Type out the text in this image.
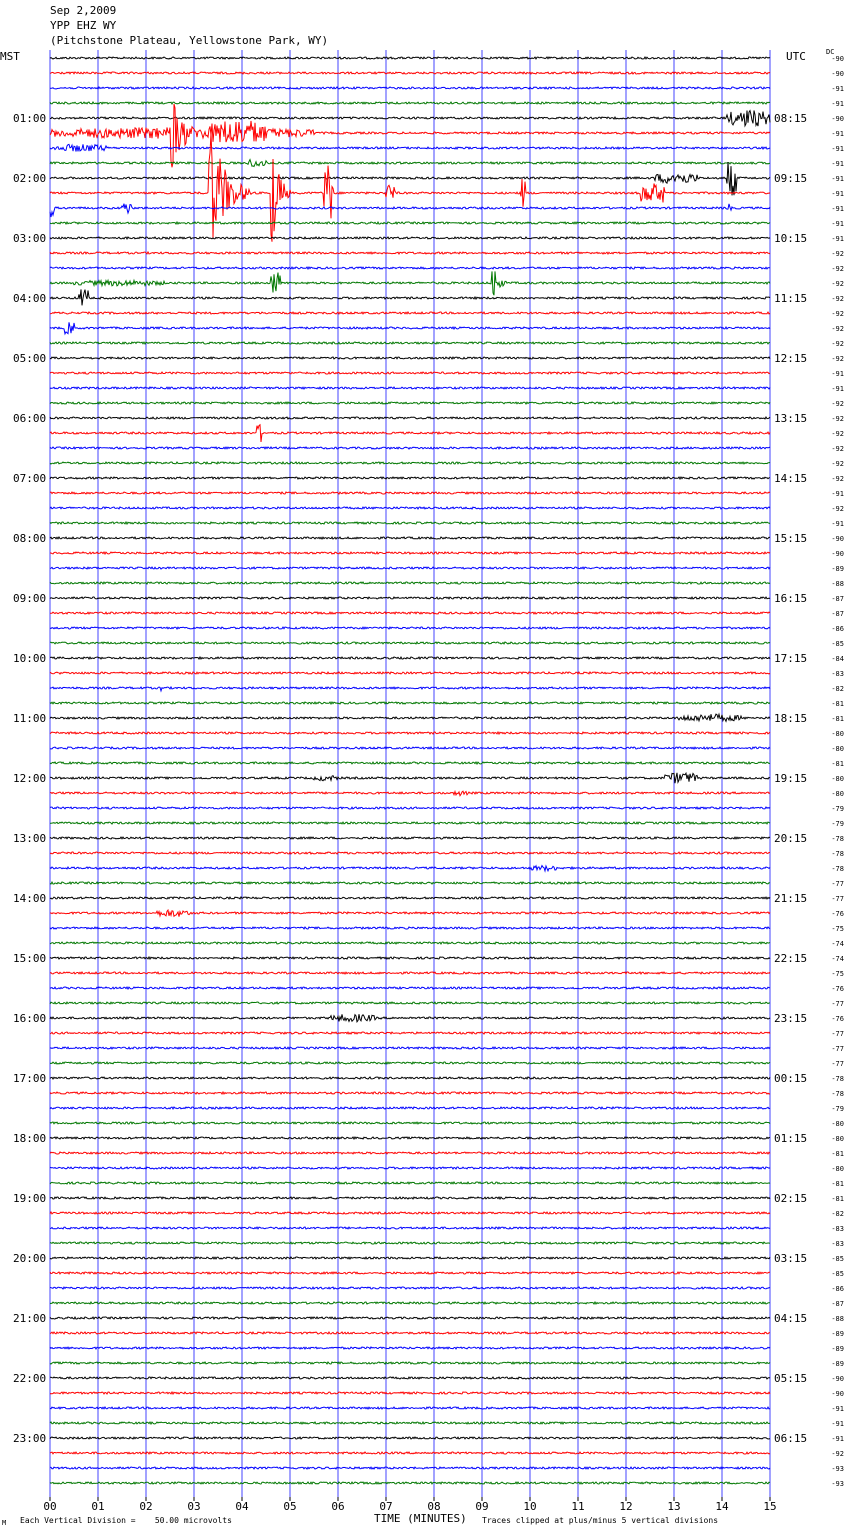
-90
-90
-91
-91
-90
-91
-91
-91
-91
-91
-91
-91
-91
-92
-92
-92
-92
-92
-92
-92
-92
-91
-91
-92
-92
-92
-92
-92
-92
-91
-92
-91
-90
-90
-89
-88
-87
-87
-86
-85
-84
-83
-82
-81
-81
-80
-80
-81
-80
-80
-79
-79
-78
-78
-78
-77
-77
-76
-75
-74
-74
-75
-76
-77
-76
-77
-77
-77
-78
-78
-79
-80
-80
-81
-80
-81
-81
-82
-83
-83
-85
-85
-86
-87
-88
-89
-89
-89
-90
-90
-91
-91
-91
-92
-93
-93
01:00	08:15
02:00	09:15
03:00	10:15
04:00	11:15
05:00	12:15
06:00	13:15
07:00	14:15
08:00	15:15
09:00	16:15
10:00	17:15
11:00	18:15
12:00	19:15
13:00	20:15
14:00	21:15
15:00	22:15
16:00	23:15
17:00	00:15
18:00	01:15
19:00	02:15
20:00	03:15
21:00	04:15
22:00	05:15
23:00	06:15
00	01	02	03	04	05	06	07	08	09	10	11	12	13	14	15
Sep 2,2009
YPP EHZ WY
(Pitchstone Plateau, Yellowstone Park, WY)
MST	UTC	DC
M Each Vertical Division =    50.00 microvolts	TIME (MINUTES) Traces clipped at plus/minus 5 vertical divisions
